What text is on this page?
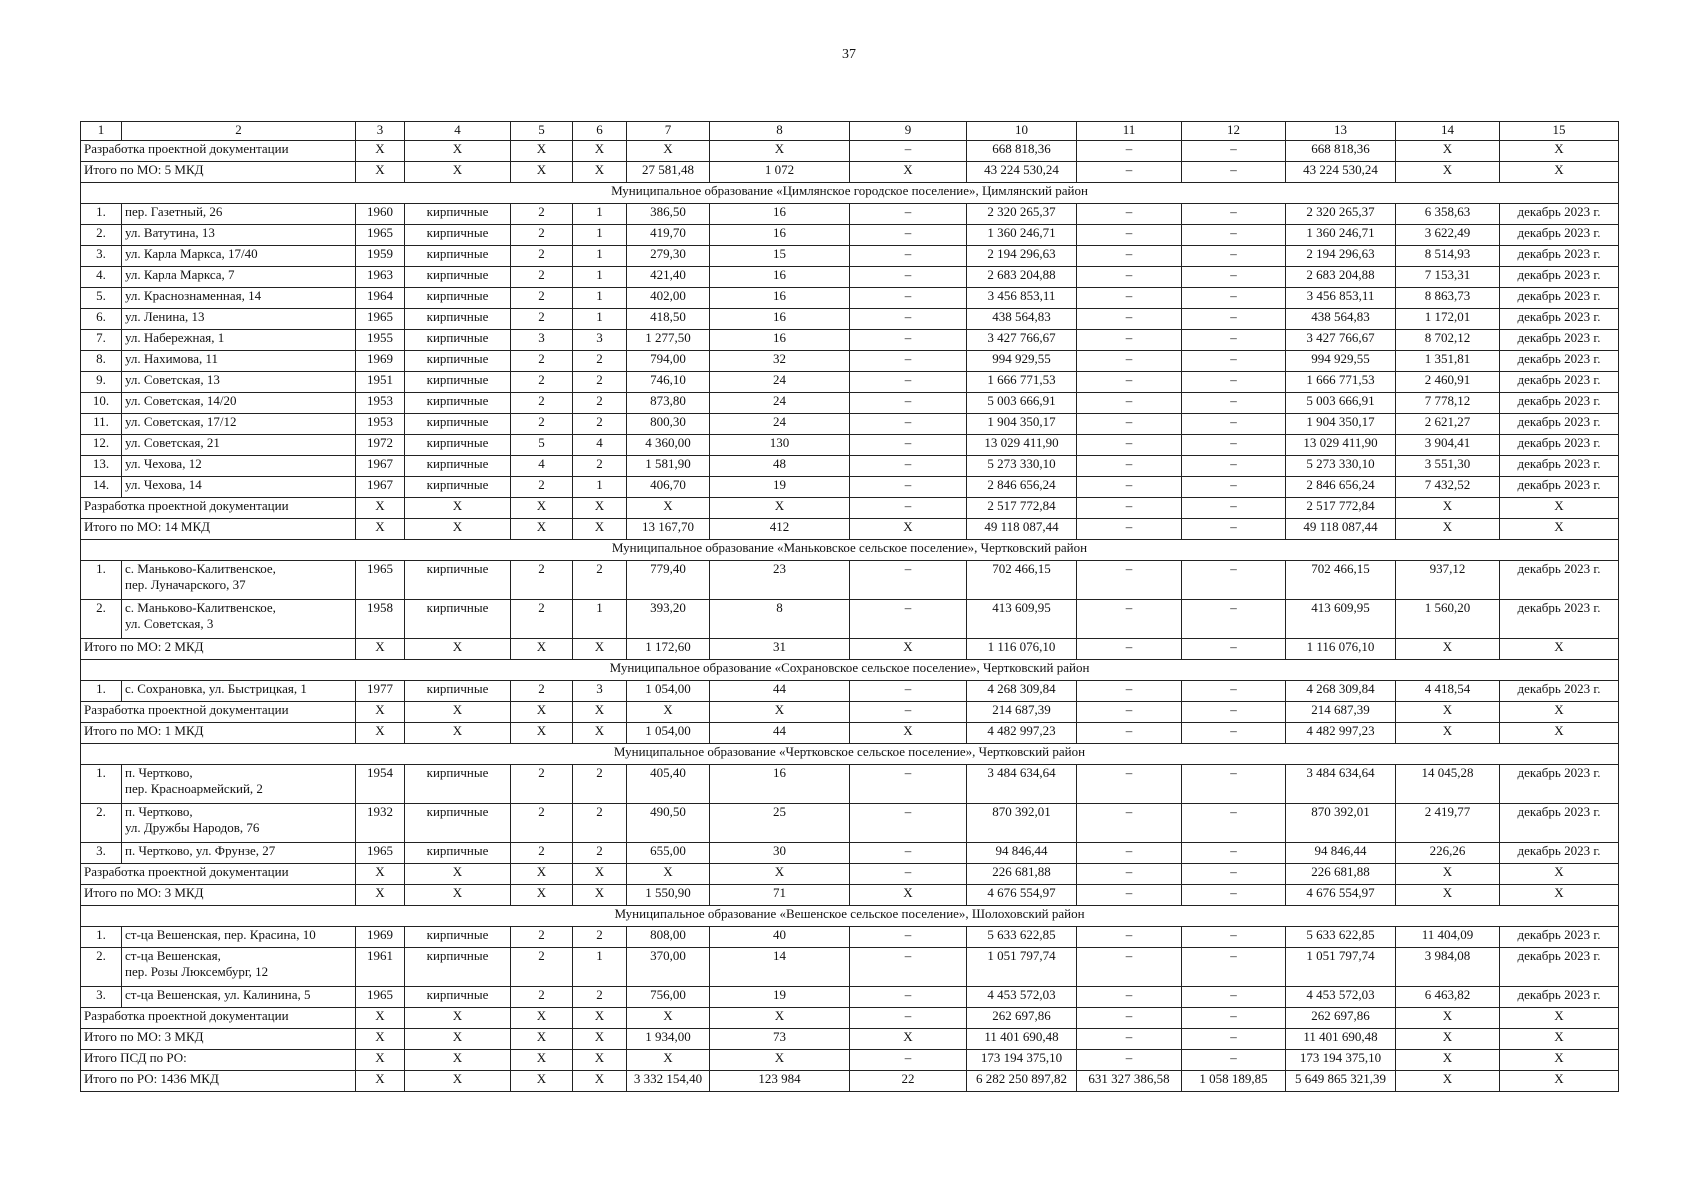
37
1	2	3	4	5	6	7	8	9	10	11	12	13	14	15
Разработка проектной документации		X	X	X	X	X	X	–	668 818,36	–	–	668 818,36	X	X
Итого по МО: 5 МКД		X	X	X	X	27 581,48	1 072	X	43 224 530,24	–	–	43 224 530,24	X	X
Муниципальное образование «Цимлянское городское поселение», Цимлянский район														
1.	пер. Газетный, 26	1960	кирпичные	2	1	386,50	16	–	2 320 265,37	–	–	2 320 265,37	6 358,63	декабрь 2023 г.
2.	ул. Ватутина, 13	1965	кирпичные	2	1	419,70	16	–	1 360 246,71	–	–	1 360 246,71	3 622,49	декабрь 2023 г.
3.	ул. Карла Маркса, 17/40	1959	кирпичные	2	1	279,30	15	–	2 194 296,63	–	–	2 194 296,63	8 514,93	декабрь 2023 г.
4.	ул. Карла Маркса, 7	1963	кирпичные	2	1	421,40	16	–	2 683 204,88	–	–	2 683 204,88	7 153,31	декабрь 2023 г.
5.	ул. Краснознаменная, 14	1964	кирпичные	2	1	402,00	16	–	3 456 853,11	–	–	3 456 853,11	8 863,73	декабрь 2023 г.
6.	ул. Ленина, 13	1965	кирпичные	2	1	418,50	16	–	438 564,83	–	–	438 564,83	1 172,01	декабрь 2023 г.
7.	ул. Набережная, 1	1955	кирпичные	3	3	1 277,50	16	–	3 427 766,67	–	–	3 427 766,67	8 702,12	декабрь 2023 г.
8.	ул. Нахимова, 11	1969	кирпичные	2	2	794,00	32	–	994 929,55	–	–	994 929,55	1 351,81	декабрь 2023 г.
9.	ул. Советская, 13	1951	кирпичные	2	2	746,10	24	–	1 666 771,53	–	–	1 666 771,53	2 460,91	декабрь 2023 г.
10.	ул. Советская, 14/20	1953	кирпичные	2	2	873,80	24	–	5 003 666,91	–	–	5 003 666,91	7 778,12	декабрь 2023 г.
11.	ул. Советская, 17/12	1953	кирпичные	2	2	800,30	24	–	1 904 350,17	–	–	1 904 350,17	2 621,27	декабрь 2023 г.
12.	ул. Советская, 21	1972	кирпичные	5	4	4 360,00	130	–	13 029 411,90	–	–	13 029 411,90	3 904,41	декабрь 2023 г.
13.	ул. Чехова, 12	1967	кирпичные	4	2	1 581,90	48	–	5 273 330,10	–	–	5 273 330,10	3 551,30	декабрь 2023 г.
14.	ул. Чехова, 14	1967	кирпичные	2	1	406,70	19	–	2 846 656,24	–	–	2 846 656,24	7 432,52	декабрь 2023 г.
Разработка проектной документации		X	X	X	X	X	X	–	2 517 772,84	–	–	2 517 772,84	X	X
Итого по МО: 14 МКД		X	X	X	X	13 167,70	412	X	49 118 087,44	–	–	49 118 087,44	X	X
Муниципальное образование «Маньковское сельское поселение», Чертковский район														
1.	с. Маньково-Калитвенское,
пер. Луначарского, 37	1965	кирпичные	2	2	779,40	23	–	702 466,15	–	–	702 466,15	937,12	декабрь 2023 г.
2.	с. Маньково-Калитвенское,
ул. Советская, 3	1958	кирпичные	2	1	393,20	8	–	413 609,95	–	–	413 609,95	1 560,20	декабрь 2023 г.
Итого по МО: 2 МКД		X	X	X	X	1 172,60	31	X	1 116 076,10	–	–	1 116 076,10	X	X
Муниципальное образование «Сохрановское сельское поселение», Чертковский район														
1.	с. Сохрановка, ул. Быстрицкая, 1	1977	кирпичные	2	3	1 054,00	44	–	4 268 309,84	–	–	4 268 309,84	4 418,54	декабрь 2023 г.
Разработка проектной документации		X	X	X	X	X	X	–	214 687,39	–	–	214 687,39	X	X
Итого по МО: 1 МКД		X	X	X	X	1 054,00	44	X	4 482 997,23	–	–	4 482 997,23	X	X
Муниципальное образование «Чертковское сельское поселение», Чертковский район														
1.	п. Чертково,
пер. Красноармейский, 2	1954	кирпичные	2	2	405,40	16	–	3 484 634,64	–	–	3 484 634,64	14 045,28	декабрь 2023 г.
2.	п. Чертково,
ул. Дружбы Народов, 76	1932	кирпичные	2	2	490,50	25	–	870 392,01	–	–	870 392,01	2 419,77	декабрь 2023 г.
3.	п. Чертково, ул. Фрунзе, 27	1965	кирпичные	2	2	655,00	30	–	94 846,44	–	–	94 846,44	226,26	декабрь 2023 г.
Разработка проектной документации		X	X	X	X	X	X	–	226 681,88	–	–	226 681,88	X	X
Итого по МО: 3 МКД		X	X	X	X	1 550,90	71	X	4 676 554,97	–	–	4 676 554,97	X	X
Муниципальное образование «Вешенское сельское поселение», Шолоховский район														
1.	ст-ца Вешенская, пер. Красина, 10	1969	кирпичные	2	2	808,00	40	–	5 633 622,85	–	–	5 633 622,85	11 404,09	декабрь 2023 г.
2.	ст-ца Вешенская,
пер. Розы Люксембург, 12	1961	кирпичные	2	1	370,00	14	–	1 051 797,74	–	–	1 051 797,74	3 984,08	декабрь 2023 г.
3.	ст-ца Вешенская, ул. Калинина, 5	1965	кирпичные	2	2	756,00	19	–	4 453 572,03	–	–	4 453 572,03	6 463,82	декабрь 2023 г.
Разработка проектной документации		X	X	X	X	X	X	–	262 697,86	–	–	262 697,86	X	X
Итого по МО: 3 МКД		X	X	X	X	1 934,00	73	X	11 401 690,48	–	–	11 401 690,48	X	X
Итого ПСД по РО:		X	X	X	X	X	X	–	173 194 375,10	–	–	173 194 375,10	X	X
Итого по РО: 1436 МКД		X	X	X	X	3 332 154,40	123 984	22	6 282 250 897,82	631 327 386,58	1 058 189,85	5 649 865 321,39	X	X
